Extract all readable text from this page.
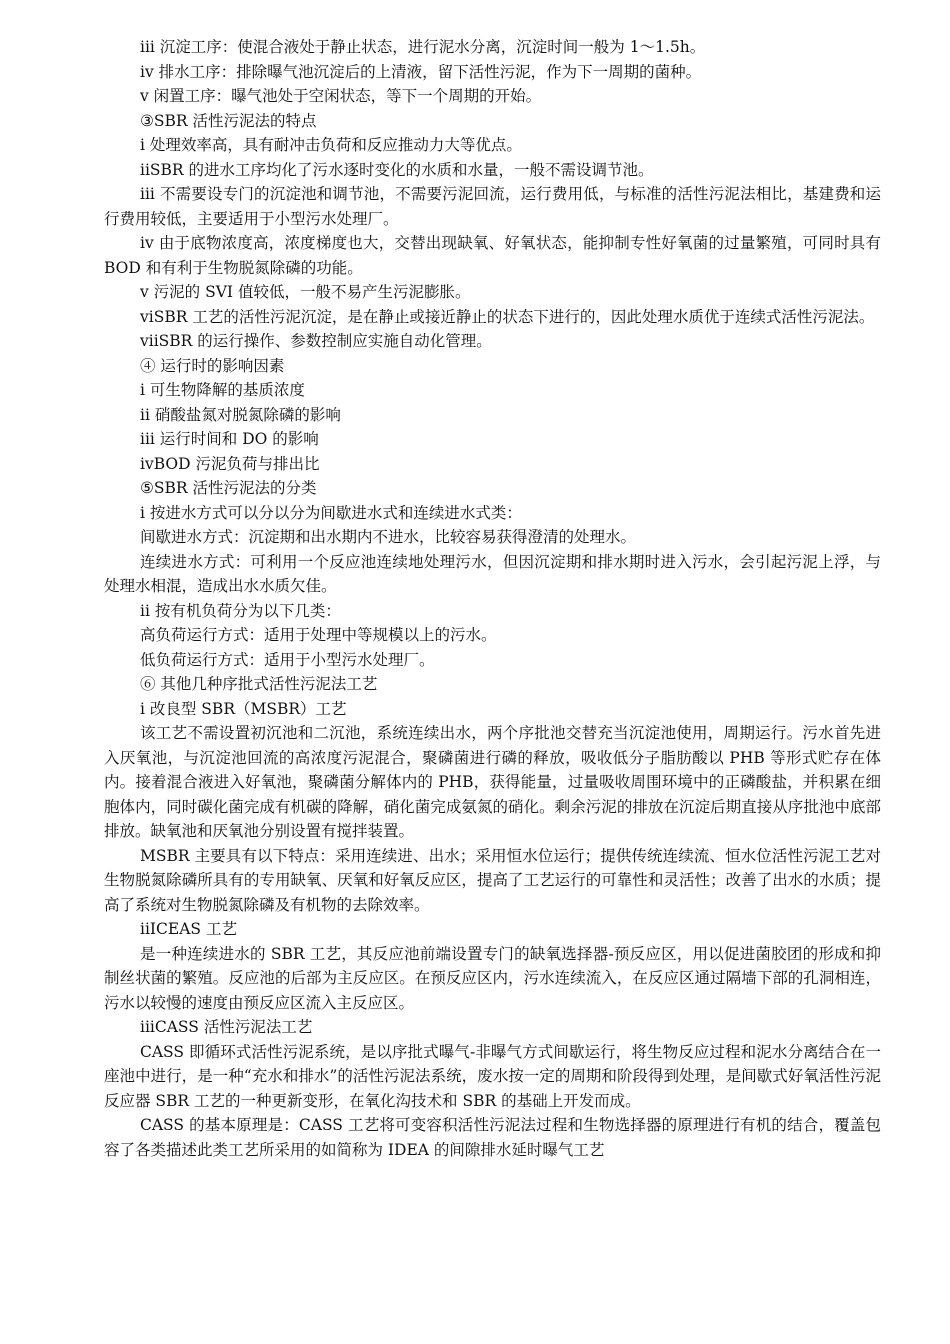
iii 沉淀工序：使混合液处于静止状态，进行泥水分离，沉淀时间一般为 1～1.5h。

iv 排水工序：排除曝气池沉淀后的上清液，留下活性污泥，作为下一周期的菌种。

v 闲置工序：曝气池处于空闲状态，等下一个周期的开始。

③SBR 活性污泥法的特点

i 处理效率高，具有耐冲击负荷和反应推动力大等优点。

iiSBR 的进水工序均化了污水逐时变化的水质和水量，一般不需设调节池。

iii 不需要设专门的沉淀池和调节池，不需要污泥回流，运行费用低，与标准的活性污泥法相比，基建费和运行费用较低，主要适用于小型污水处理厂。

iv 由于底物浓度高，浓度梯度也大，交替出现缺氧、好氧状态，能抑制专性好氧菌的过量繁殖，可同时具有 BOD 和有利于生物脱氮除磷的功能。

v 污泥的 SVI 值较低，一般不易产生污泥膨胀。

viSBR 工艺的活性污泥沉淀，是在静止或接近静止的状态下进行的，因此处理水质优于连续式活性污泥法。

viiSBR 的运行操作、参数控制应实施自动化管理。

④ 运行时的影响因素

i 可生物降解的基质浓度

ii 硝酸盐氮对脱氮除磷的影响

iii 运行时间和 DO 的影响

ivBOD 污泥负荷与排出比

⑤SBR 活性污泥法的分类

i 按进水方式可以分以分为间歇进水式和连续进水式类：

间歇进水方式：沉淀期和出水期内不进水，比较容易获得澄清的处理水。

连续进水方式：可利用一个反应池连续地处理污水，但因沉淀期和排水期时进入污水，会引起污泥上浮，与处理水相混，造成出水水质欠佳。

ii 按有机负荷分为以下几类：

高负荷运行方式：适用于处理中等规模以上的污水。

低负荷运行方式：适用于小型污水处理厂。

⑥ 其他几种序批式活性污泥法工艺

i 改良型 SBR（MSBR）工艺

该工艺不需设置初沉池和二沉池，系统连续出水，两个序批池交替充当沉淀池使用，周期运行。污水首先进入厌氧池，与沉淀池回流的高浓度污泥混合，聚磷菌进行磷的释放，吸收低分子脂肪酸以 PHB 等形式贮存在体内。接着混合液进入好氧池，聚磷菌分解体内的 PHB，获得能量，过量吸收周围环境中的正磷酸盐，并积累在细胞体内，同时碳化菌完成有机碳的降解，硝化菌完成氨氮的硝化。剩余污泥的排放在沉淀后期直接从序批池中底部排放。缺氧池和厌氧池分别设置有搅拌装置。

MSBR 主要具有以下特点：采用连续进、出水；采用恒水位运行；提供传统连续流、恒水位活性污泥工艺对生物脱氮除磷所具有的专用缺氧、厌氧和好氧反应区，提高了工艺运行的可靠性和灵活性；改善了出水的水质；提高了系统对生物脱氮除磷及有机物的去除效率。

iiICEAS 工艺

是一种连续进水的 SBR 工艺，其反应池前端设置专门的缺氧选择器-预反应区，用以促进菌胶团的形成和抑制丝状菌的繁殖。反应池的后部为主反应区。在预反应区内，污水连续流入，在反应区通过隔墙下部的孔洞相连，污水以较慢的速度由预反应区流入主反应区。

iiiCASS 活性污泥法工艺

CASS 即循环式活性污泥系统，是以序批式曝气-非曝气方式间歇运行，将生物反应过程和泥水分离结合在一座池中进行，是一种“充水和排水”的活性污泥法系统，废水按一定的周期和阶段得到处理，是间歇式好氧活性污泥反应器 SBR 工艺的一种更新变形，在氧化沟技术和 SBR 的基础上开发而成。

CASS 的基本原理是：CASS 工艺将可变容积活性污泥法过程和生物选择器的原理进行有机的结合，覆盖包容了各类描述此类工艺所采用的如简称为 IDEA 的间隙排水延时曝气工艺
